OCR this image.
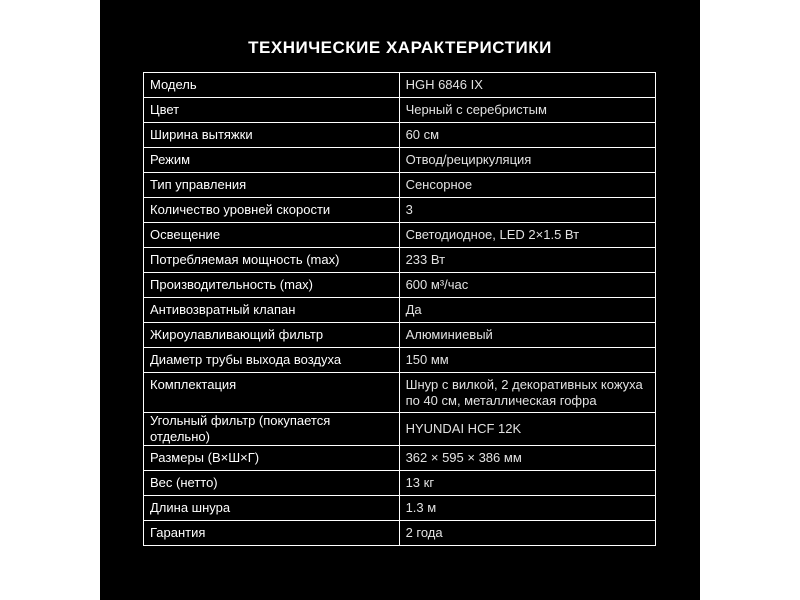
ТЕХНИЧЕСКИЕ ХАРАКТЕРИСТИКИ
Модель	HGH 6846 IX
Цвет	Черный с серебристым
Ширина вытяжки	60 см
Режим	Отвод/рециркуляция
Тип управления	Сенсорное
Количество уровней скорости	3
Освещение	Светодиодное, LED 2×1.5 Вт
Потребляемая мощность (max)	233 Вт
Производительность (max)	600 м³/час
Антивозвратный клапан	Да
Жироулавливающий фильтр	Алюминиевый
Диаметр трубы выхода воздуха	150 мм
Комплектация	Шнур с вилкой, 2 декоративных кожуха по 40 см, металлическая гофра
Угольный фильтр (покупается отдельно)	HYUNDAI HCF 12K
Размеры (В×Ш×Г)	362 × 595 × 386 мм
Вес (нетто)	13 кг
Длина шнура	1.3 м
Гарантия	2 года
